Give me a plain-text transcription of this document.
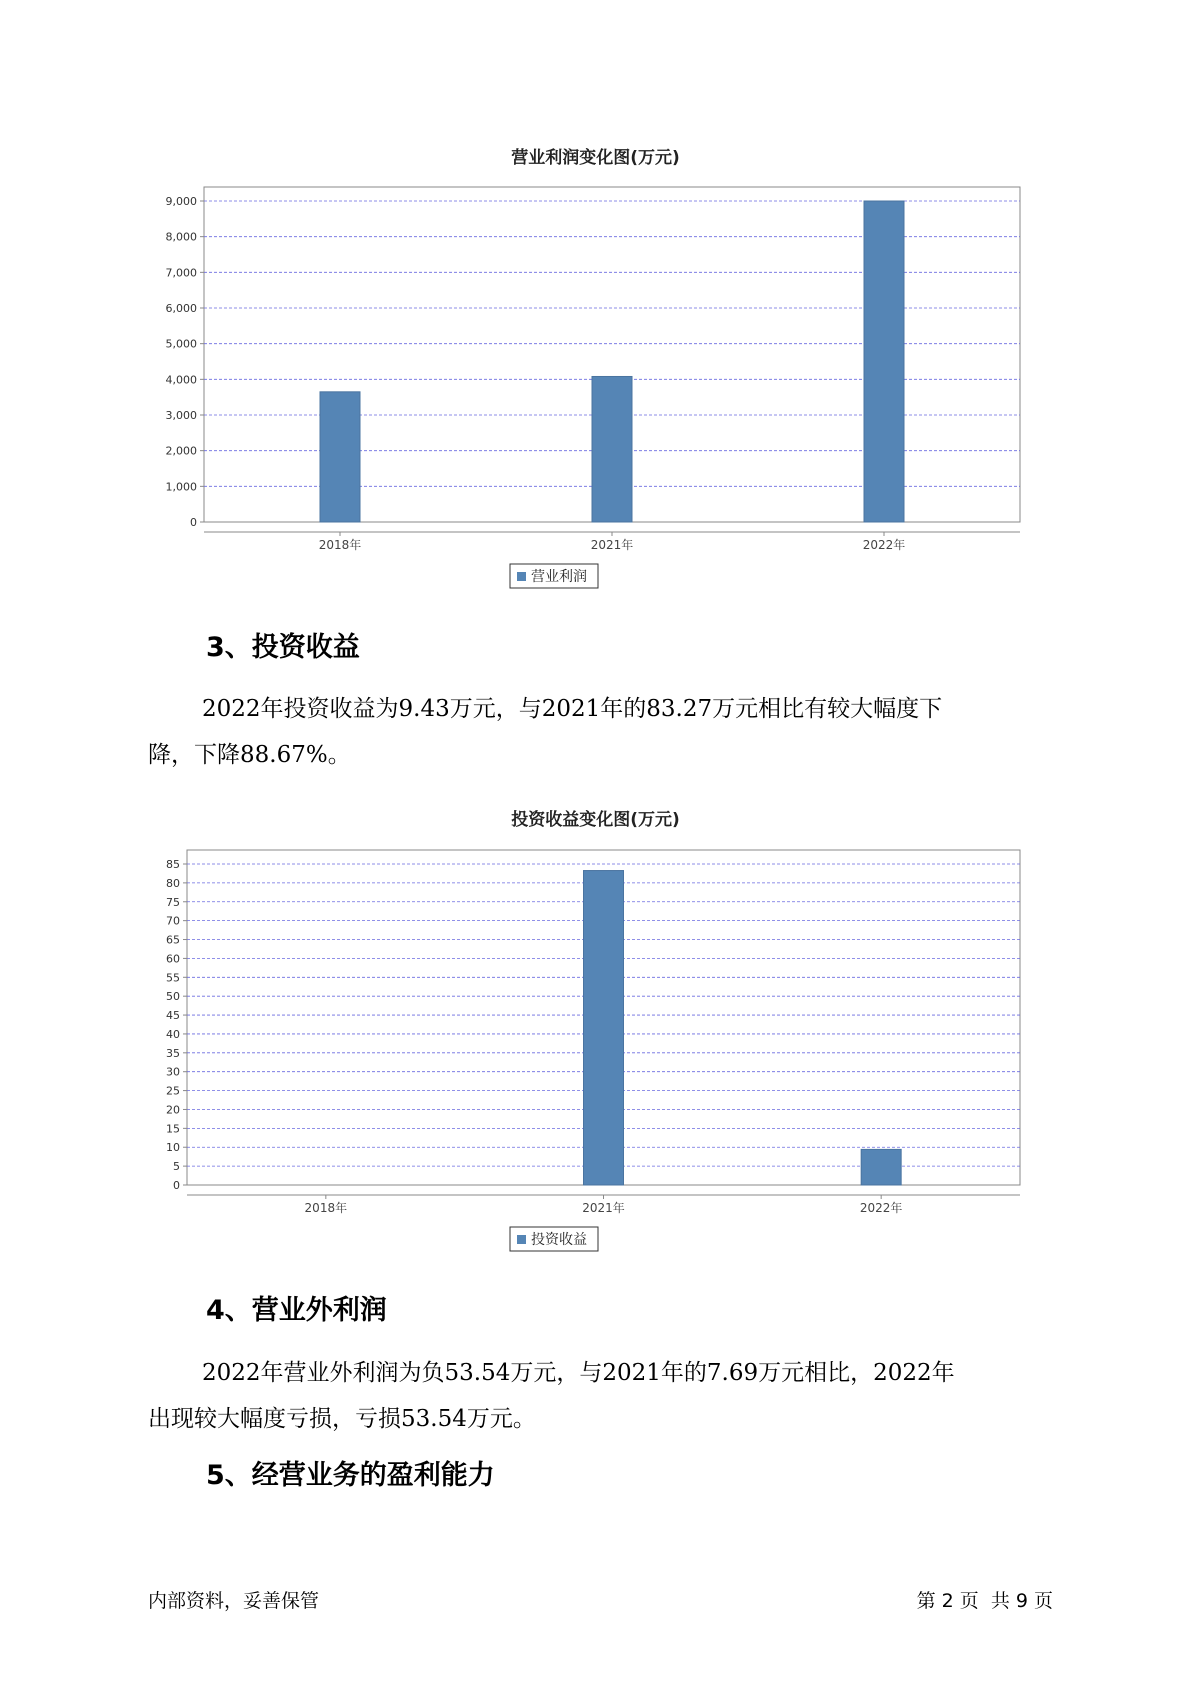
营业利润变化图(万元)
0
1,000
2,000
3,000
4,000
5,000
6,000
7,000
8,000
9,000
2018年	2021年	2022年
营业利润
3、投资收益
2022年投资收益为9.43万元，与2021年的83.27万元相比有较大幅度下
降，下降88.67%。
投资收益变化图(万元)
0
5
10
15
20
25
30
35
40
45
50
55
60
65
70
75
80
85
2018年	2021年	2022年
投资收益
4、营业外利润
2022年营业外利润为负53.54万元，与2021年的7.69万元相比，2022年
出现较大幅度亏损，亏损53.54万元。
5、经营业务的盈利能力
内部资料，妥善保管	第 2 页  共 9 页
